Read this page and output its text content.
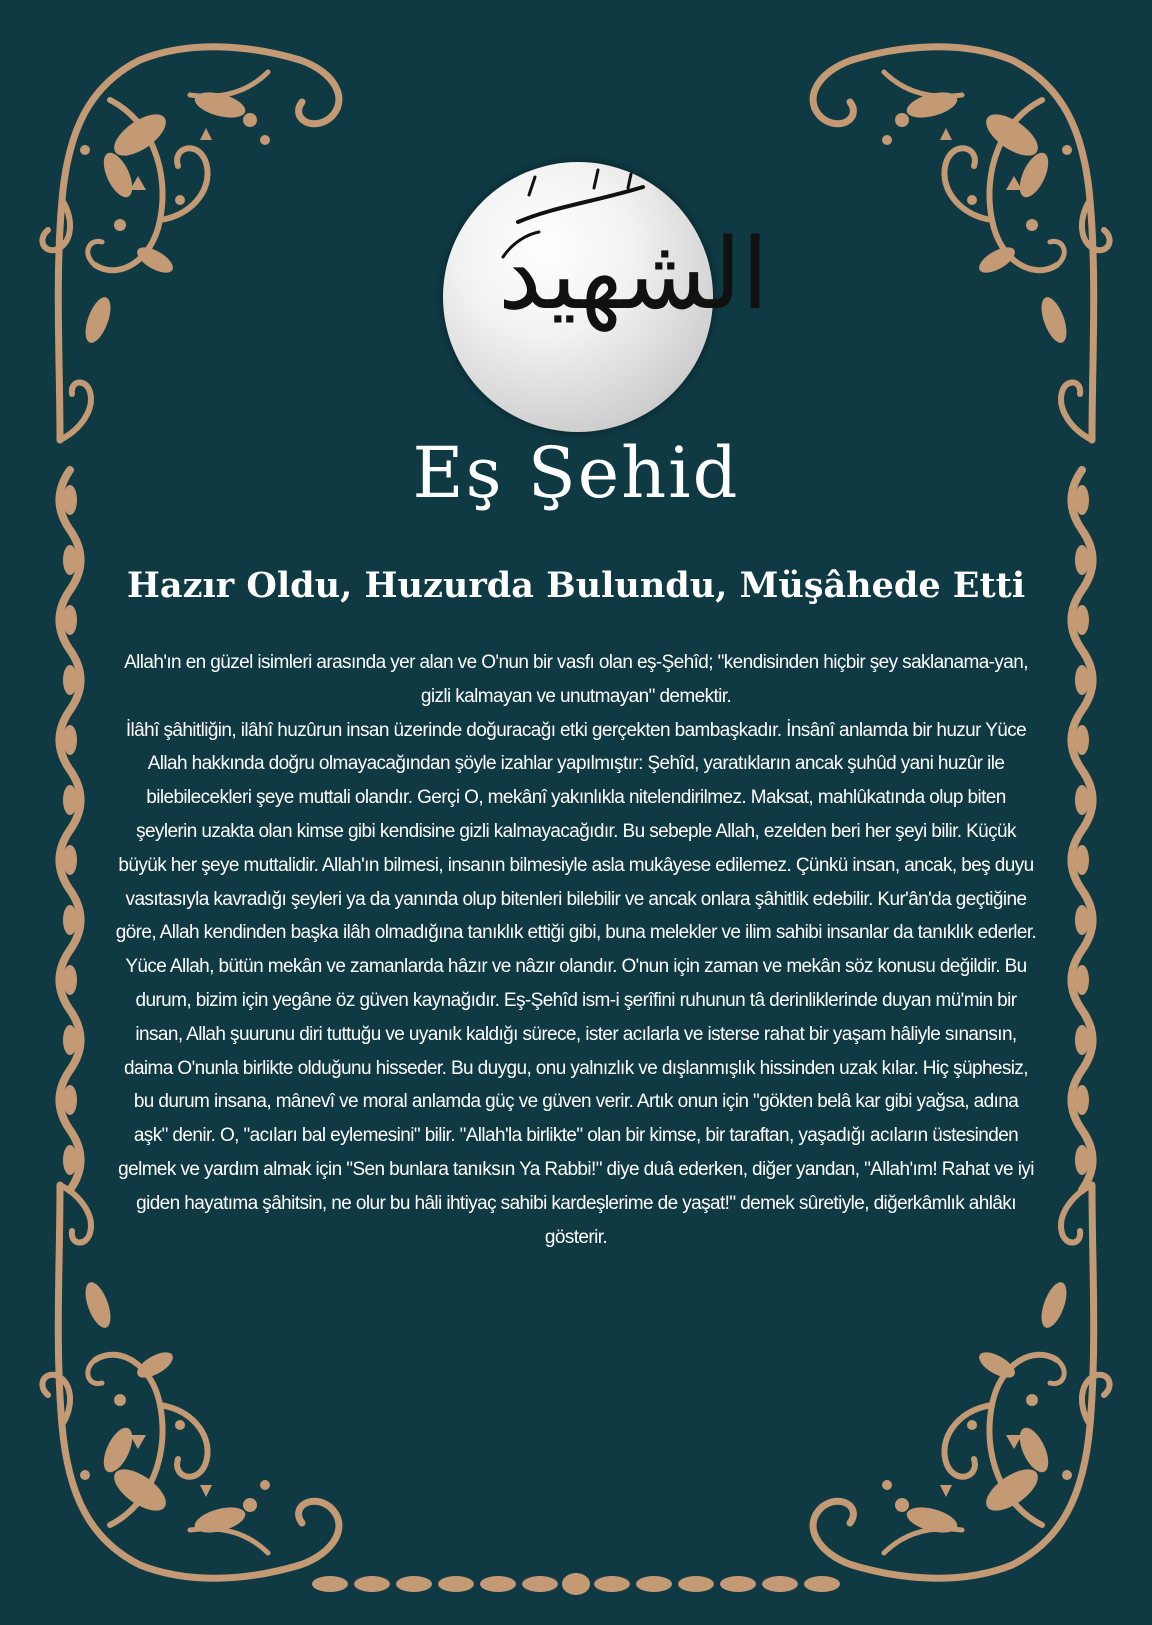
الشهيد
Eş Şehid
Hazır Oldu, Huzurda Bulundu, Müşâhede Etti

Allah'ın en güzel isimleri arasında yer alan ve O'nun bir vasfı olan eş-Şehîd; "kendisinden hiçbir şey saklanama-yan, gizli kalmayan ve unutmayan" demektir.

İlâhî şâhitliğin, ilâhî huzûrun insan üzerinde doğuracağı etki gerçekten bambaşkadır. İnsânî anlamda bir huzur Yüce Allah hakkında doğru olmayacağından şöyle izahlar yapılmıştır: Şehîd, yaratıkların ancak şuhûd yani huzûr ile bilebilecekleri şeye muttali olandır. Gerçi O, mekânî yakınlıkla nitelendirilmez. Maksat, mahlûkatında olup biten şeylerin uzakta olan kimse gibi kendisine gizli kalmayacağıdır. Bu sebeple Allah, ezelden beri her şeyi bilir. Küçük büyük her şeye muttalidir. Allah'ın bilmesi, insanın bilmesiyle asla mukâyese edilemez. Çünkü insan, ancak, beş duyu vasıtasıyla kavradığı şeyleri ya da yanında olup bitenleri bilebilir ve ancak onlara şâhitlik edebilir. Kur'ân'da geçtiğine göre, Allah kendinden başka ilâh olmadığına tanıklık ettiği gibi, buna melekler ve ilim sahibi insanlar da tanıklık ederler.

Yüce Allah, bütün mekân ve zamanlarda hâzır ve nâzır olandır. O'nun için zaman ve mekân söz konusu değildir. Bu durum, bizim için yegâne öz güven kaynağıdır. Eş-Şehîd ism-i şerîfini ruhunun tâ derinliklerinde duyan mü'min bir insan, Allah şuurunu diri tuttuğu ve uyanık kaldığı sürece, ister acılarla ve isterse rahat bir yaşam hâliyle sınansın, daima O'nunla birlikte olduğunu hisseder. Bu duygu, onu yalnızlık ve dışlanmışlık hissinden uzak kılar. Hiç şüphesiz, bu durum insana, mânevî ve moral anlamda güç ve güven verir. Artık onun için "gökten belâ kar gibi yağsa, adına aşk" denir. O, "acıları bal eylemesini" bilir. "Allah'la birlikte" olan bir kimse, bir taraftan, yaşadığı acıların üstesinden gelmek ve yardım almak için "Sen bunlara tanıksın Ya Rabbi!" diye duâ ederken, diğer yandan, "Allah'ım! Rahat ve iyi giden hayatıma şâhitsin, ne olur bu hâli ihtiyaç sahibi kardeşlerime de yaşat!" demek sûretiyle, diğerkâmlık ahlâkı gösterir.
